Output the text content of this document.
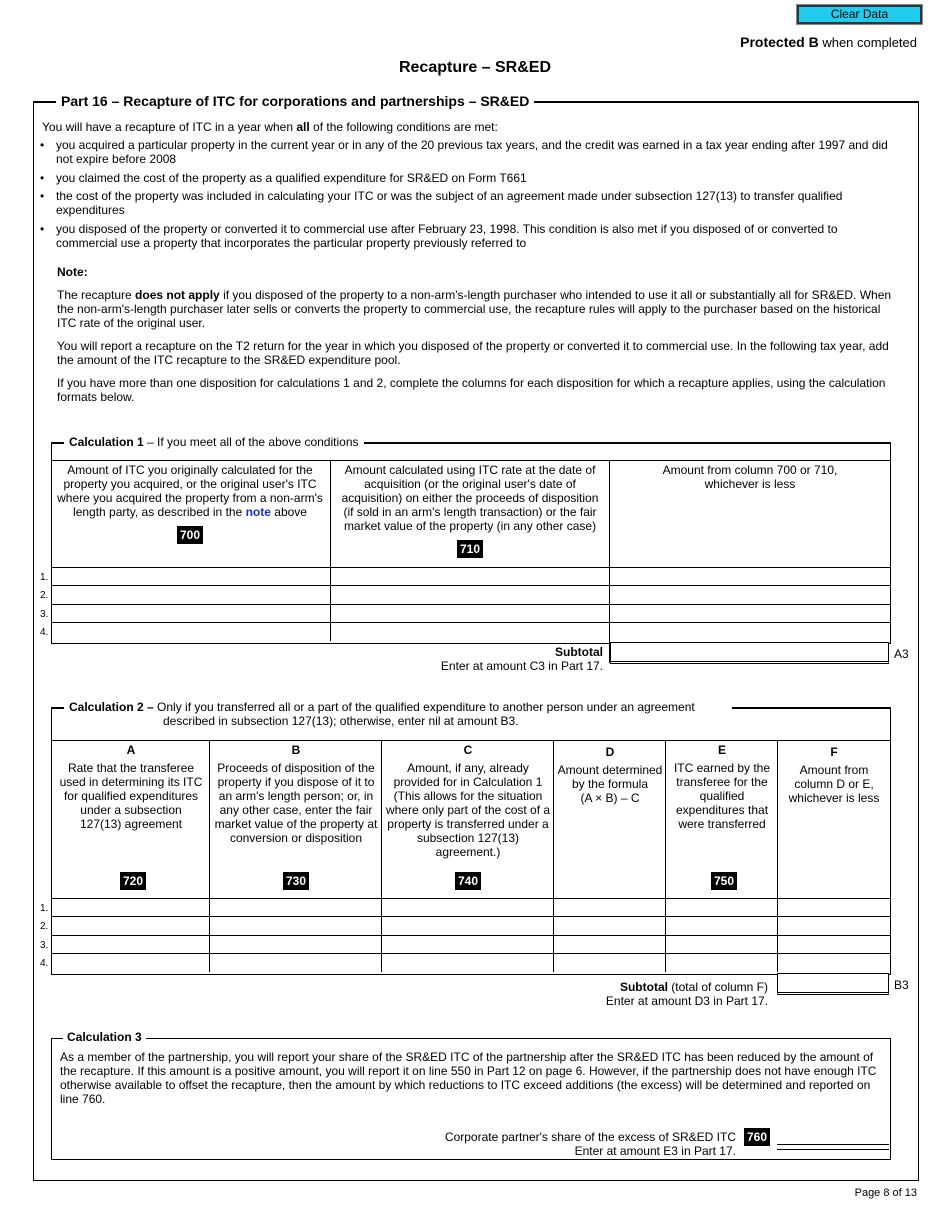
Clear Data
Protected B when completed
Recapture – SR&ED
Part 16 – Recapture of ITC for corporations and partnerships – SR&ED
You will have a recapture of ITC in a year when all of the following conditions are met:
• you acquired a particular property in the current year or in any of the 20 previous tax years, and the credit was earned in a tax year ending after 1997 and did not expire before 2008
• you claimed the cost of the property as a qualified expenditure for SR&ED on Form T661
• the cost of the property was included in calculating your ITC or was the subject of an agreement made under subsection 127(13) to transfer qualified expenditures
• you disposed of the property or converted it to commercial use after February 23, 1998. This condition is also met if you disposed of or converted to commercial use a property that incorporates the particular property previously referred to
Note:
The recapture does not apply if you disposed of the property to a non-arm's-length purchaser who intended to use it all or substantially all for SR&ED. When the non-arm's-length purchaser later sells or converts the property to commercial use, the recapture rules will apply to the purchaser based on the historical ITC rate of the original user.
You will report a recapture on the T2 return for the year in which you disposed of the property or converted it to commercial use. In the following tax year, add the amount of the ITC recapture to the SR&ED expenditure pool.
If you have more than one disposition for calculations 1 and 2, complete the columns for each disposition for which a recapture applies, using the calculation formats below.
Calculation 1 – If you meet all of the above conditions
Amount of ITC you originally calculated for the property you acquired, or the original user's ITC where you acquired the property from a non-arm's length party, as described in the note above
700
Amount calculated using ITC rate at the date of acquisition (or the original user's date of acquisition) on either the proceeds of disposition (if sold in an arm's length transaction) or the fair market value of the property (in any other case)
710
Amount from column 700 or 710, whichever is less
1.
2.
3.
4.
Subtotal
Enter at amount C3 in Part 17.
A3
Calculation 2 – Only if you transferred all or a part of the qualified expenditure to another person under an agreement
described in subsection 127(13); otherwise, enter nil at amount B3.
A
Rate that the transferee used in determining its ITC for qualified expenditures under a subsection 127(13) agreement
720
B
Proceeds of disposition of the property if you dispose of it to an arm's length person; or, in any other case, enter the fair market value of the property at conversion or disposition
730
C
Amount, if any, already provided for in Calculation 1 (This allows for the situation where only part of the cost of a property is transferred under a subsection 127(13) agreement.)
740
D
Amount determined by the formula
(A × B) – C
E
ITC earned by the transferee for the qualified expenditures that were transferred
750
F
Amount from column D or E, whichever is less
1.
2.
3.
4.
Subtotal (total of column F)
Enter at amount D3 in Part 17.
B3
Calculation 3
As a member of the partnership, you will report your share of the SR&ED ITC of the partnership after the SR&ED ITC has been reduced by the amount of the recapture. If this amount is a positive amount, you will report it on line 550 in Part 12 on page 6. However, if the partnership does not have enough ITC otherwise available to offset the recapture, then the amount by which reductions to ITC exceed additions (the excess) will be determined and reported on line 760.
Corporate partner's share of the excess of SR&ED ITC 760
Enter at amount E3 in Part 17.
Page 8 of 13
